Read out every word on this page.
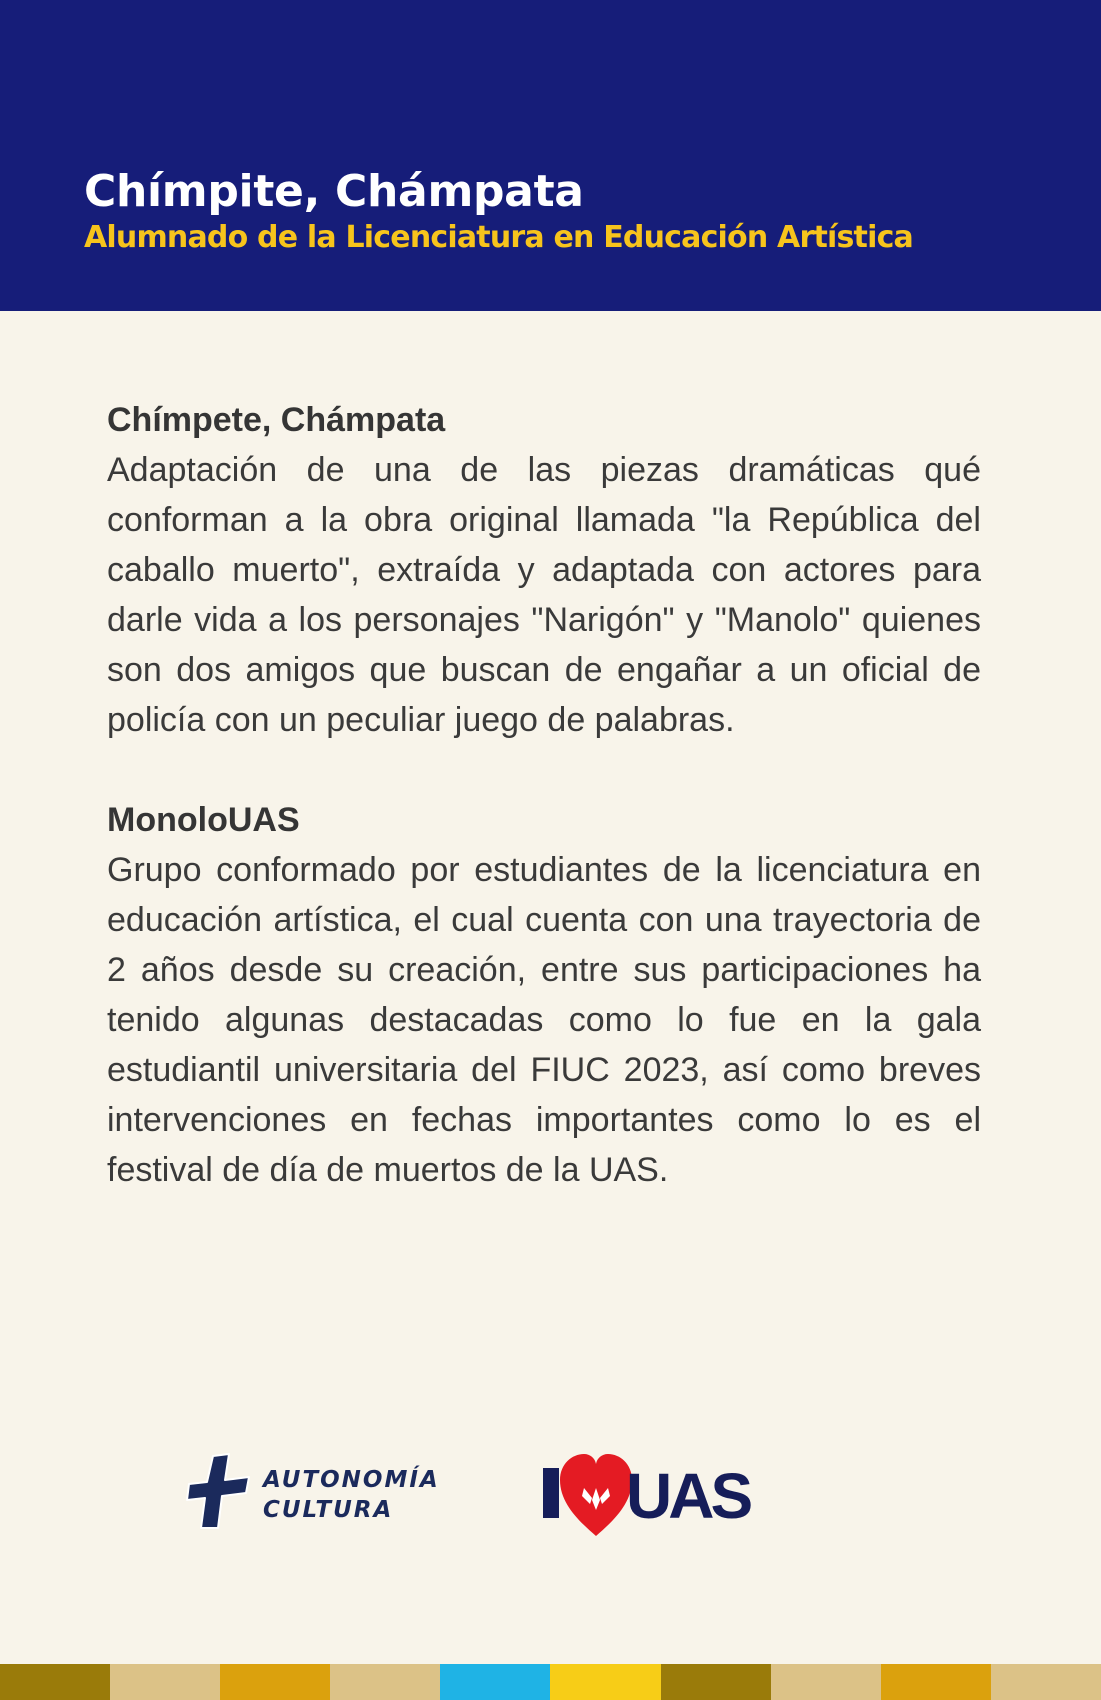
Chímpite, Chámpata
Alumnado de la Licenciatura en Educación Artística
Chímpete, Chámpata

Adaptación de una de las piezas dramáticas qué conforman a la obra original llamada "la República del caballo muerto", extraída y adaptada con actores para darle vida a los personajes "Narigón" y "Manolo" quienes son dos amigos que buscan de engañar a un oficial de policía con un peculiar juego de palabras.

MonoloUAS

Grupo conformado por estudiantes de la licenciatura en educación artística, el cual cuenta con una trayectoria de 2 años desde su creación, entre sus participaciones ha tenido algunas destacadas como lo fue en la gala estudiantil universitaria del FIUC 2023, así como breves intervenciones en fechas importantes como lo es el festival de día de muertos de la UAS.

AUTONOMÍA
CULTURA	UAS
